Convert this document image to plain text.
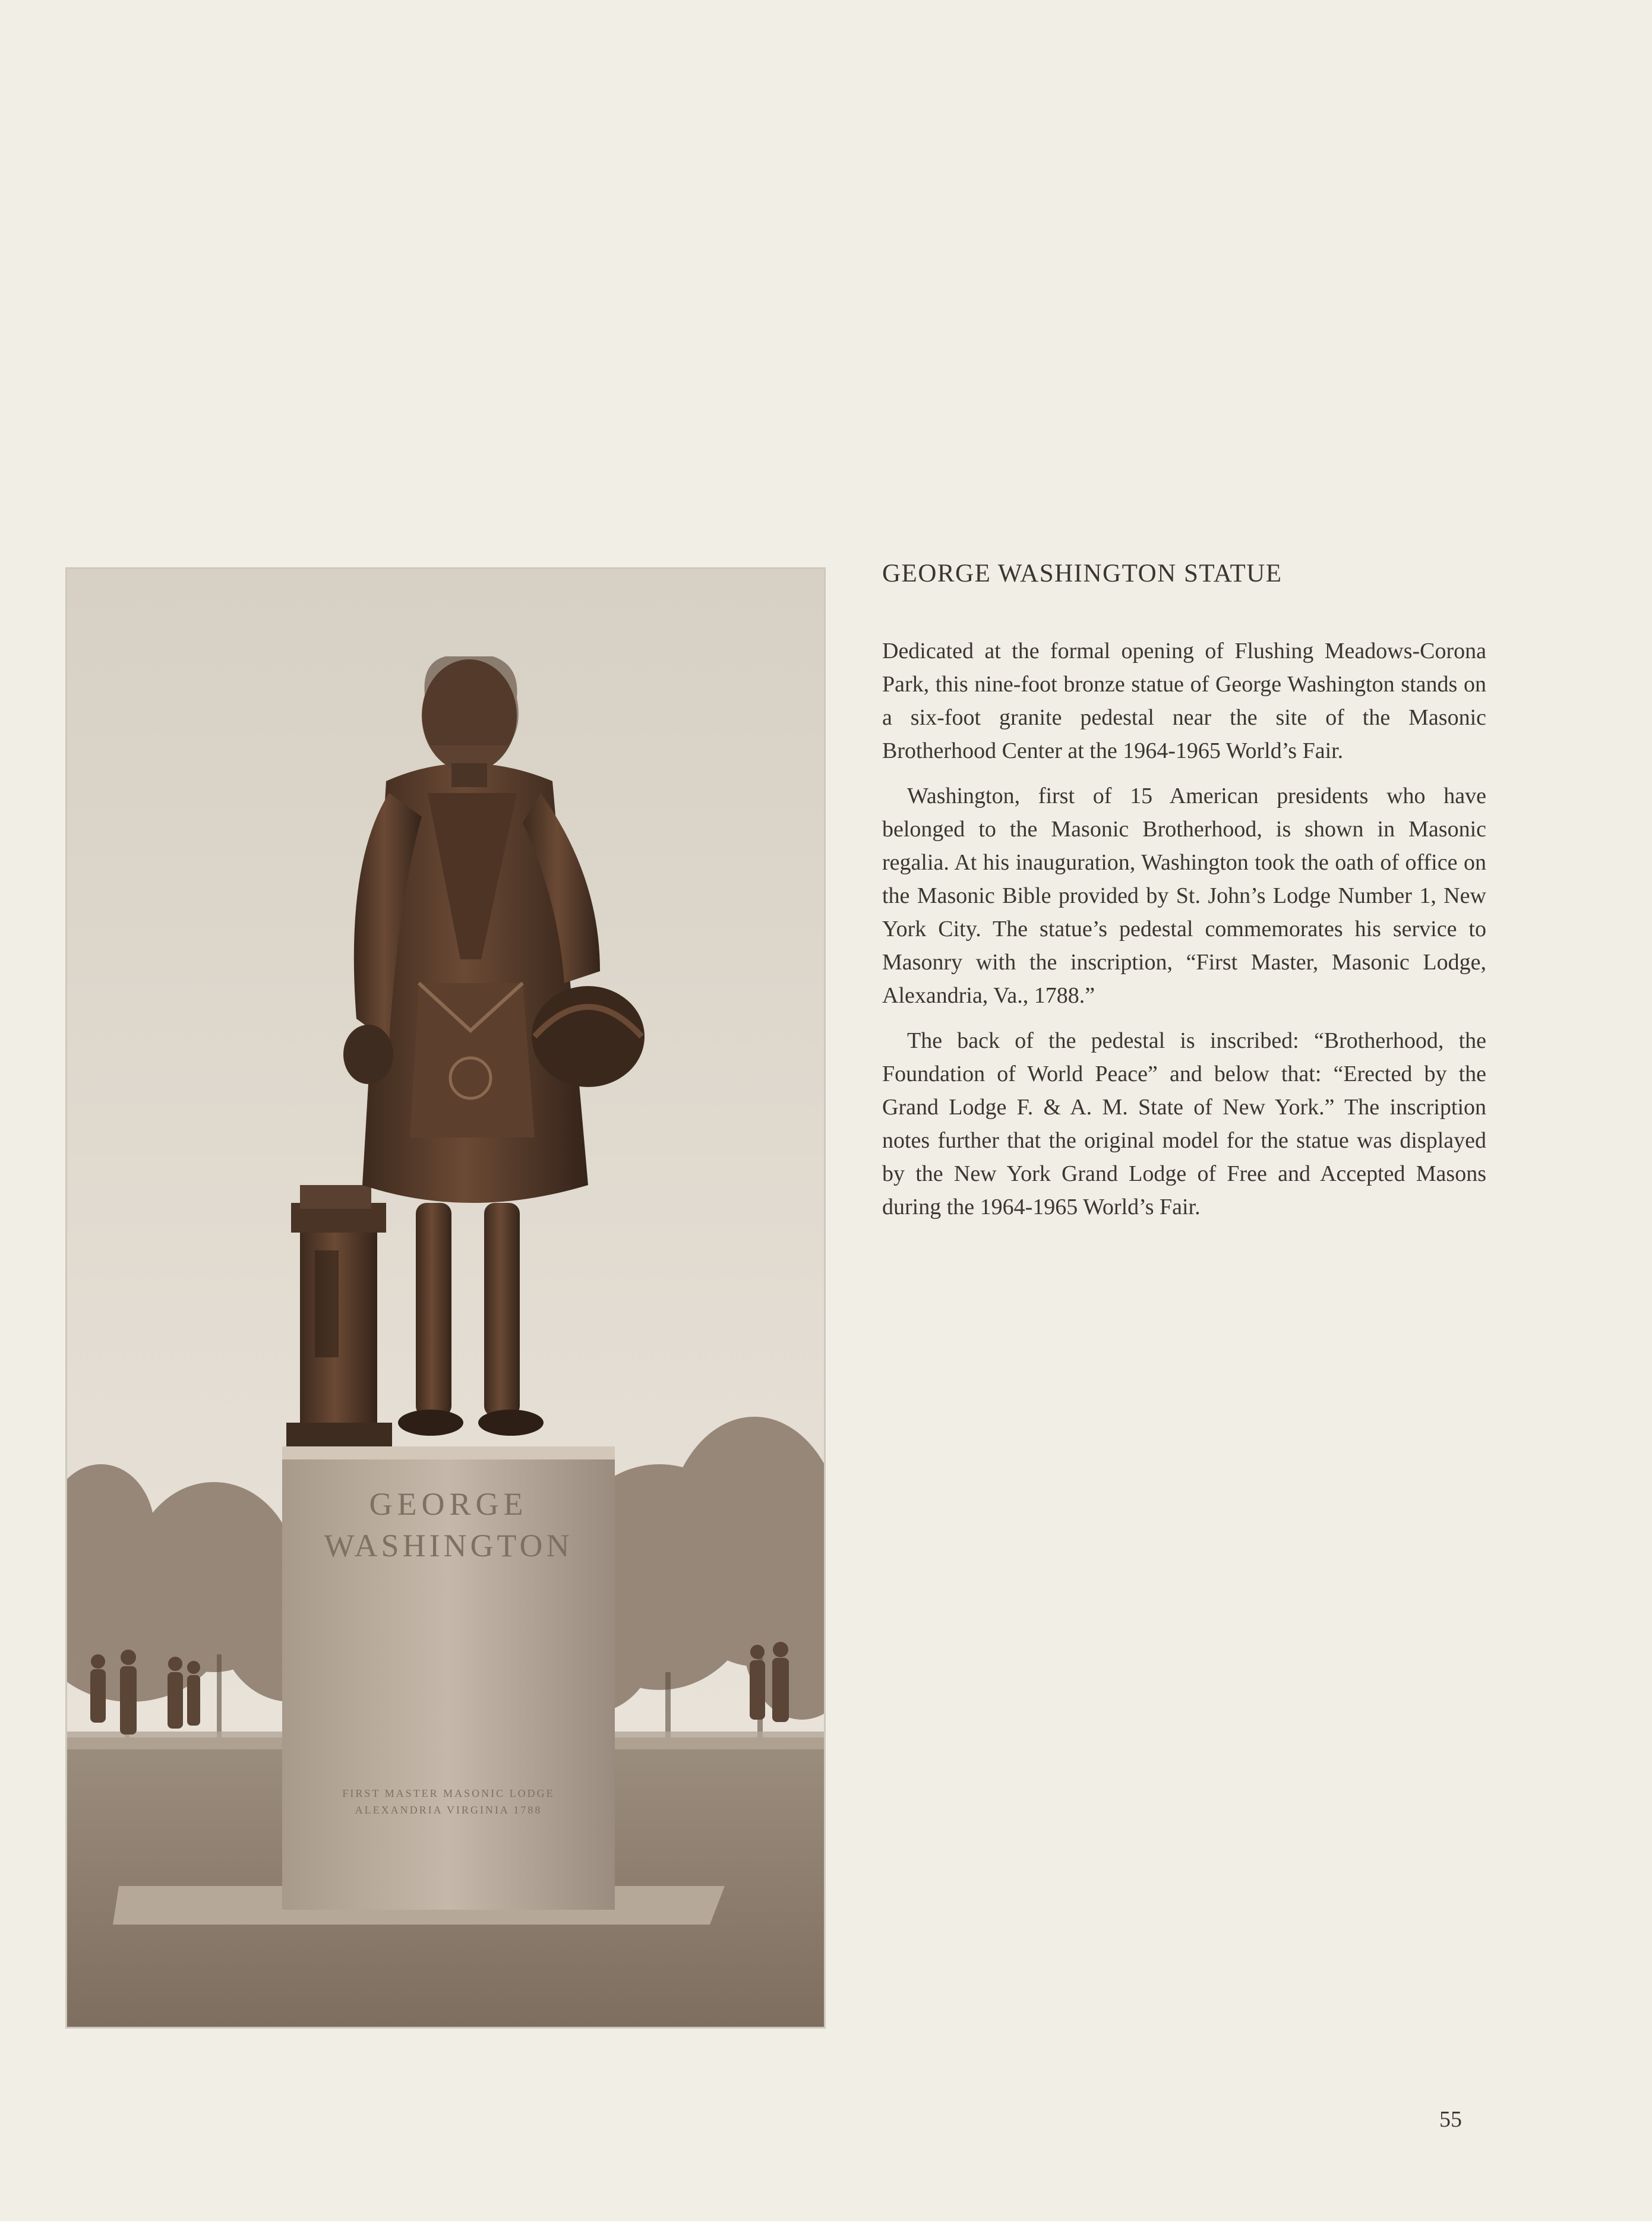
GEORGE
WASHINGTON
FIRST MASTER MASONIC LODGE
ALEXANDRIA VIRGINIA 1788
GEORGE WASHINGTON STATUE

Dedicated at the formal opening of Flushing Meadows-Corona Park, this nine-foot bronze statue of George Washington stands on a six-foot granite pedestal near the site of the Masonic Brotherhood Center at the 1964-1965 World’s Fair.

Washington, first of 15 American presidents who have belonged to the Masonic Brotherhood, is shown in Masonic regalia. At his inauguration, Washington took the oath of office on the Masonic Bible provided by St. John’s Lodge Number 1, New York City. The statue’s pedestal commemorates his service to Masonry with the inscription, “First Master, Masonic Lodge, Alexandria, Va., 1788.”

The back of the pedestal is inscribed: “Brotherhood, the Foundation of World Peace” and below that: “Erected by the Grand Lodge F. & A. M. State of New York.” The inscription notes further that the original model for the statue was displayed by the New York Grand Lodge of Free and Accepted Masons during the 1964-1965 World’s Fair.

55
